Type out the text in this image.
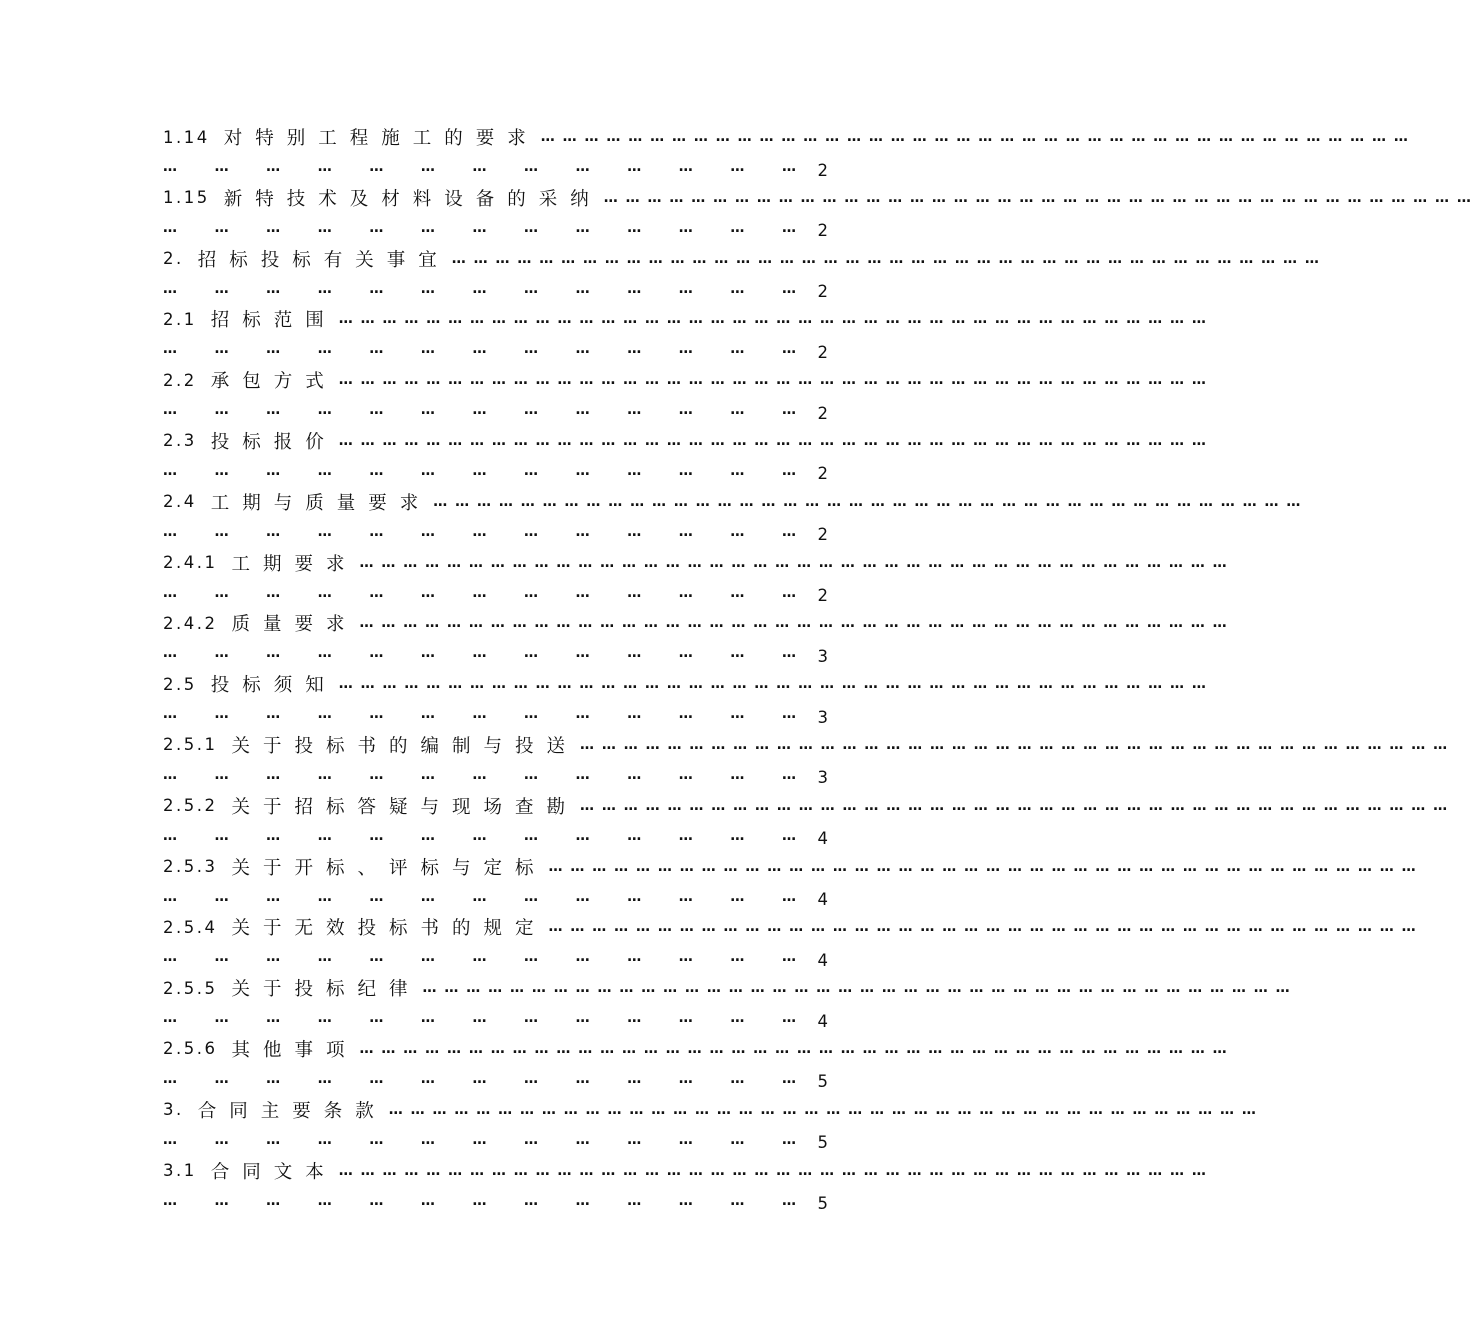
1.14 对特别工程施工的要求 … … … … … … … … … … … … … … … … … … … … … … … … … … … … … … … … … … … … … … … …
…	…	…	…	…	…	…	…	…	…	…	…	… 2
1.15 新特技术及材料设备的采纳 … … … … … … … … … … … … … … … … … … … … … … … … … … … … … … … … … … … … … … … …
…	…	…	…	…	…	…	…	…	…	…	…	… 2
2. 招标投标有关事宜 … … … … … … … … … … … … … … … … … … … … … … … … … … … … … … … … … … … … … … … …
…	…	…	…	…	…	…	…	…	…	…	…	… 2
2.1 招标范围 … … … … … … … … … … … … … … … … … … … … … … … … … … … … … … … … … … … … … … … …
…	…	…	…	…	…	…	…	…	…	…	…	… 2
2.2 承包方式 … … … … … … … … … … … … … … … … … … … … … … … … … … … … … … … … … … … … … … … …
…	…	…	…	…	…	…	…	…	…	…	…	… 2
2.3 投标报价 … … … … … … … … … … … … … … … … … … … … … … … … … … … … … … … … … … … … … … … …
…	…	…	…	…	…	…	…	…	…	…	…	… 2
2.4 工期与质量要求 … … … … … … … … … … … … … … … … … … … … … … … … … … … … … … … … … … … … … … … …
…	…	…	…	…	…	…	…	…	…	…	…	… 2
2.4.1 工期要求 … … … … … … … … … … … … … … … … … … … … … … … … … … … … … … … … … … … … … … … …
…	…	…	…	…	…	…	…	…	…	…	…	… 2
2.4.2 质量要求 … … … … … … … … … … … … … … … … … … … … … … … … … … … … … … … … … … … … … … … …
…	…	…	…	…	…	…	…	…	…	…	…	… 3
2.5 投标须知 … … … … … … … … … … … … … … … … … … … … … … … … … … … … … … … … … … … … … … … …
…	…	…	…	…	…	…	…	…	…	…	…	… 3
2.5.1 关于投标书的编制与投送 … … … … … … … … … … … … … … … … … … … … … … … … … … … … … … … … … … … … … … … …
…	…	…	…	…	…	…	…	…	…	…	…	… 3
2.5.2 关于招标答疑与现场查勘 … … … … … … … … … … … … … … … … … … … … … … … … … … … … … … … … … … … … … … … …
…	…	…	…	…	…	…	…	…	…	…	…	… 4
2.5.3 关于开标、评标与定标 … … … … … … … … … … … … … … … … … … … … … … … … … … … … … … … … … … … … … … … …
…	…	…	…	…	…	…	…	…	…	…	…	… 4
2.5.4 关于无效投标书的规定 … … … … … … … … … … … … … … … … … … … … … … … … … … … … … … … … … … … … … … … …
…	…	…	…	…	…	…	…	…	…	…	…	… 4
2.5.5 关于投标纪律 … … … … … … … … … … … … … … … … … … … … … … … … … … … … … … … … … … … … … … … …
…	…	…	…	…	…	…	…	…	…	…	…	… 4
2.5.6 其他事项 … … … … … … … … … … … … … … … … … … … … … … … … … … … … … … … … … … … … … … … …
…	…	…	…	…	…	…	…	…	…	…	…	… 5
3. 合同主要条款 … … … … … … … … … … … … … … … … … … … … … … … … … … … … … … … … … … … … … … … …
…	…	…	…	…	…	…	…	…	…	…	…	… 5
3.1 合同文本 … … … … … … … … … … … … … … … … … … … … … … … … … … … … … … … … … … … … … … … …
…	…	…	…	…	…	…	…	…	…	…	…	… 5
